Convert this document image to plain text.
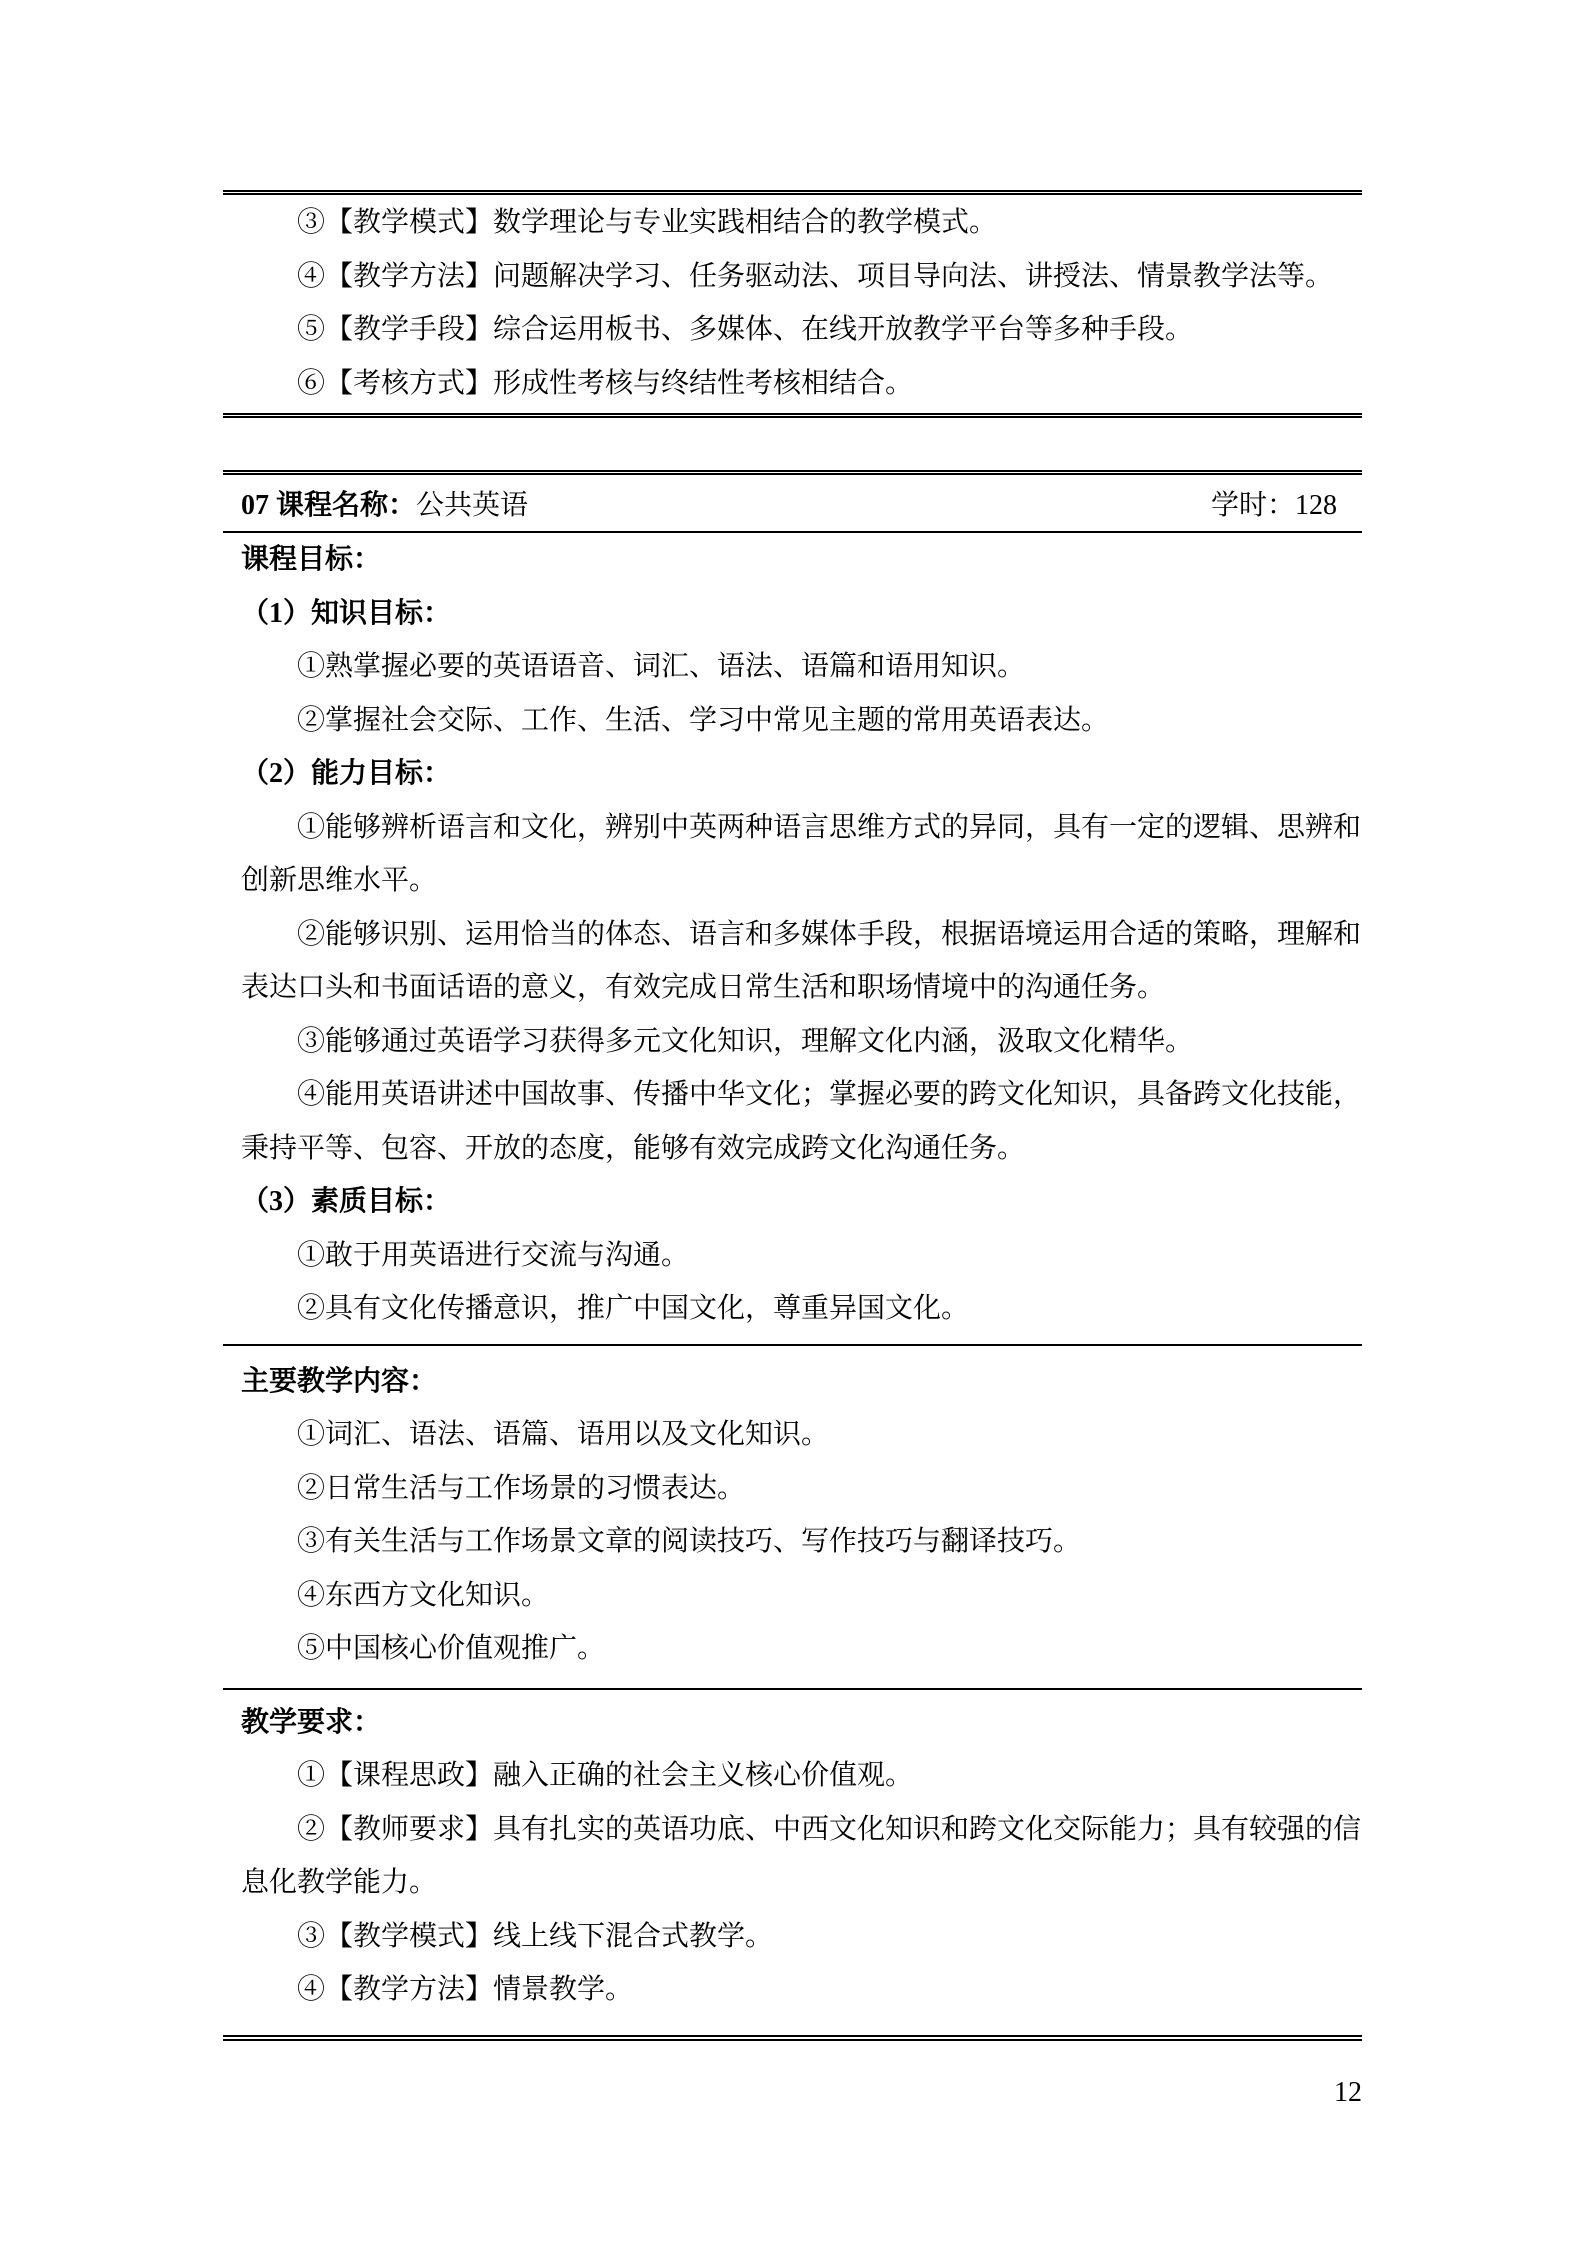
③【教学模式】数学理论与专业实践相结合的教学模式。
④【教学方法】问题解决学习、任务驱动法、项目导向法、讲授法、情景教学法等。
⑤【教学手段】综合运用板书、多媒体、在线开放教学平台等多种手段。
⑥【考核方式】形成性考核与终结性考核相结合。
07 课程名称：公共英语	学时：128
课程目标：
（1）知识目标：
①熟掌握必要的英语语音、词汇、语法、语篇和语用知识。
②掌握社会交际、工作、生活、学习中常见主题的常用英语表达。
（2）能力目标：
①能够辨析语言和文化，辨别中英两种语言思维方式的异同，具有一定的逻辑、思辨和
创新思维水平。
②能够识别、运用恰当的体态、语言和多媒体手段，根据语境运用合适的策略，理解和
表达口头和书面话语的意义，有效完成日常生活和职场情境中的沟通任务。
③能够通过英语学习获得多元文化知识，理解文化内涵，汲取文化精华。
④能用英语讲述中国故事、传播中华文化；掌握必要的跨文化知识，具备跨文化技能，
秉持平等、包容、开放的态度，能够有效完成跨文化沟通任务。
（3）素质目标：
①敢于用英语进行交流与沟通。
②具有文化传播意识，推广中国文化，尊重异国文化。
主要教学内容：
①词汇、语法、语篇、语用以及文化知识。
②日常生活与工作场景的习惯表达。
③有关生活与工作场景文章的阅读技巧、写作技巧与翻译技巧。
④东西方文化知识。
⑤中国核心价值观推广。
教学要求：
①【课程思政】融入正确的社会主义核心价值观。
②【教师要求】具有扎实的英语功底、中西文化知识和跨文化交际能力；具有较强的信
息化教学能力。
③【教学模式】线上线下混合式教学。
④【教学方法】情景教学。
12
